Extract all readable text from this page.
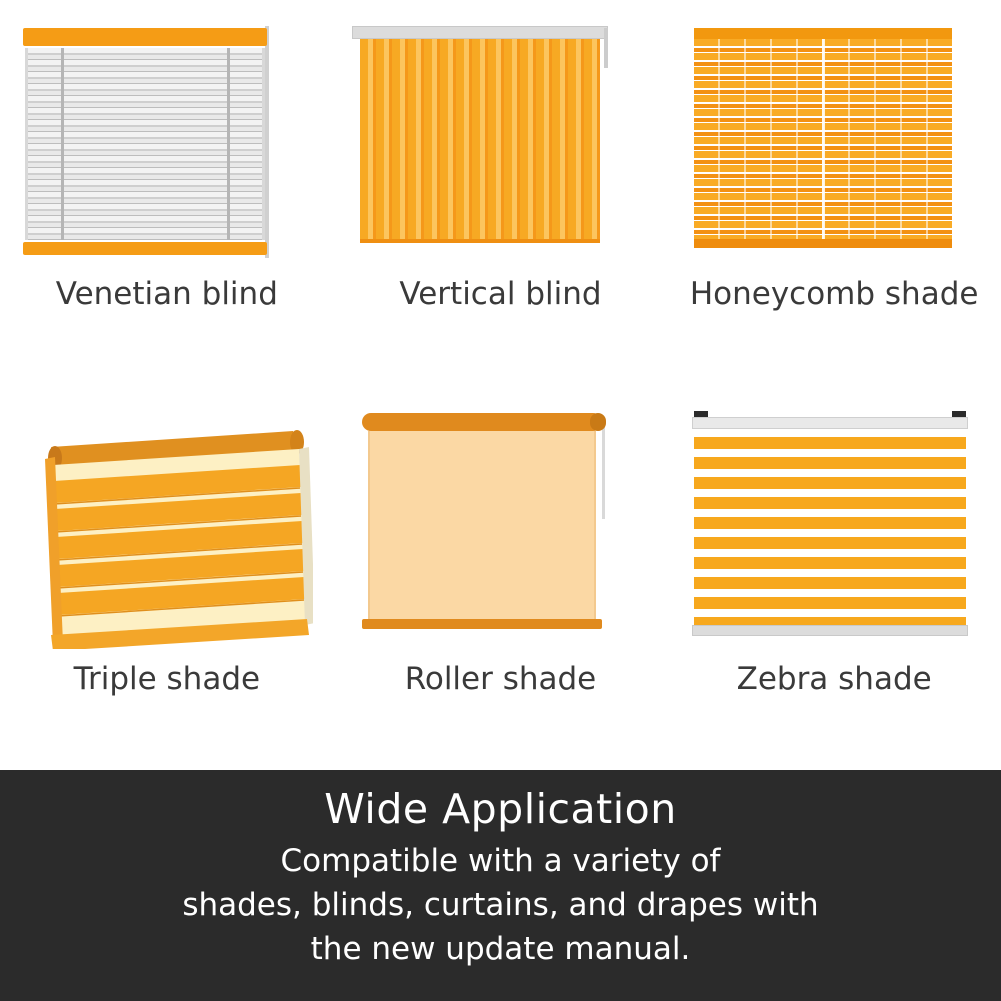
Venetian blind	Vertical blind	Honeycomb shade
Triple shade	Roller shade	Zebra shade
Wide Application
Compatible with a variety of
shades, blinds, curtains, and drapes with
the new update manual.
